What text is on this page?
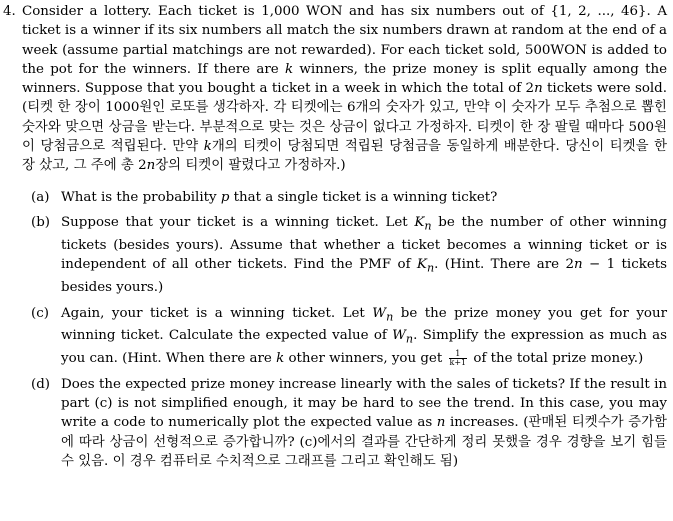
4. Consider a lottery. Each ticket is 1,000 WON and has six numbers out of {1, 2, ..., 46}. A ticket is a winner if its six numbers all match the six numbers drawn at random at the end of a week (assume partial matchings are not rewarded). For each ticket sold, 500WON is added to the pot for the winners. If there are k winners, the prize money is split equally among the winners. Suppose that you bought a ticket in a week in which the total of 2n tickets were sold. (티켓 한 장이 1000원인 로또를 생각하자. 각 티켓에는 6개의 숫자가 있고, 만약 이 숫자가 모두 추첨으로 뽑힌 숫자와 맞으면 상금을 받는다. 부분적으로 맞는 것은 상금이 없다고 가정하자. 티켓이 한 장 팔릴 때마다 500원이 당첨금으로 적립된다. 만약 k개의 티켓이 당첨되면 적립된 당첨금을 동일하게 배분한다. 당신이 티켓을 한 장 샀고, 그 주에 총 2n장의 티켓이 팔렸다고 가정하자.)
(a) What is the probability p that a single ticket is a winning ticket?
(b) Suppose that your ticket is a winning ticket. Let $K_n$ be the number of other winning tickets (besides yours). Assume that whether a ticket becomes a winning ticket or is independent of all other tickets. Find the PMF of $K_n$. (Hint. There are 2n − 1 tickets besides yours.)
(c) Again, your ticket is a winning ticket. Let $W_n$ be the prize money you get for your winning ticket. Calculate the expected value of $W_n$. Simplify the expression as much as you can. (Hint. When there are k other winners, you get $\frac{1}{k+1}$ of the total prize money.)
(d) Does the expected prize money increase linearly with the sales of tickets? If the result in part (c) is not simplified enough, it may be hard to see the trend. In this case, you may write a code to numerically plot the expected value as n increases. (판매된 티켓수가 증가함에 따라 상금이 선형적으로 증가합니까? (c)에서의 결과를 간단하게 정리 못했을 경우 경향을 보기 힘들 수 있음. 이 경우 컴퓨터로 수치적으로 그래프를 그리고 확인해도 됨)
